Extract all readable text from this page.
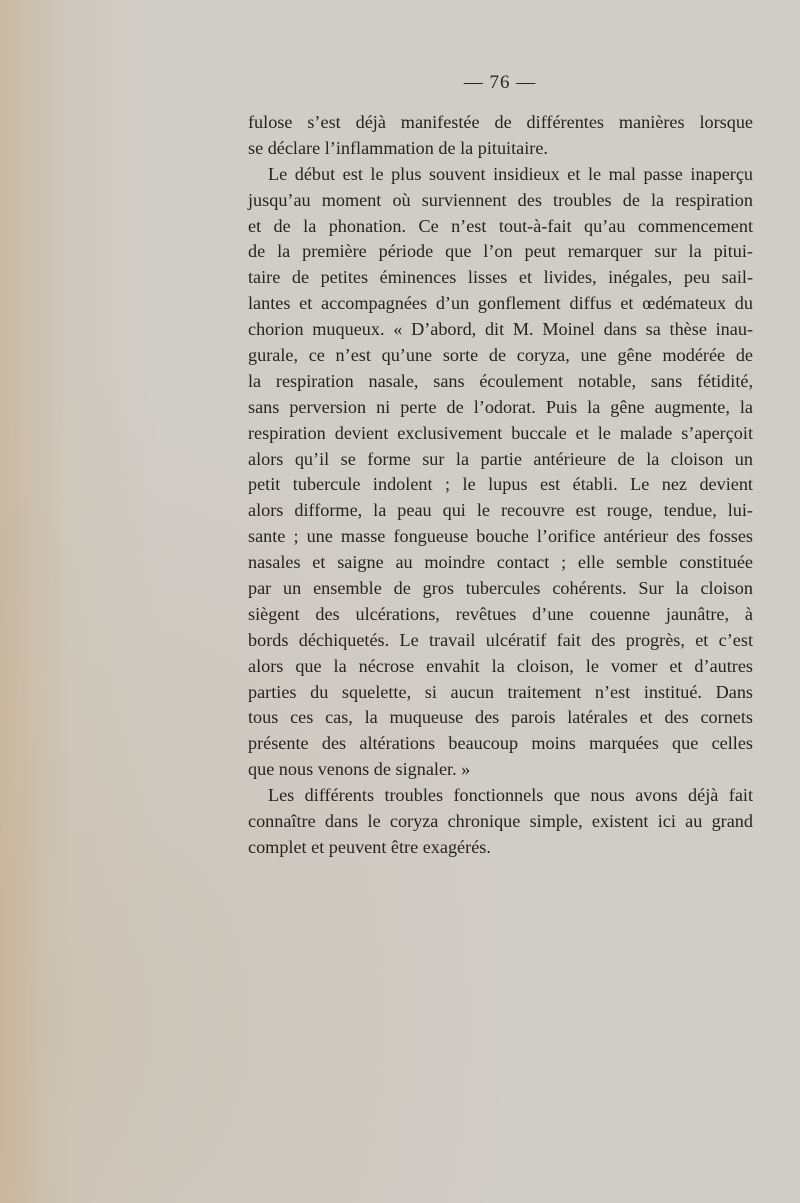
— 76 —
fulose s’est déjà manifestée de différentes manières lorsque
se déclare l’inflammation de la pituitaire.
Le début est le plus souvent insidieux et le mal passe inaperçu
jusqu’au moment où surviennent des troubles de la respiration
et de la phonation. Ce n’est tout-à-fait qu’au commencement
de la première période que l’on peut remarquer sur la pitui-
taire de petites éminences lisses et livides, inégales, peu sail-
lantes et accompagnées d’un gonflement diffus et œdémateux du
chorion muqueux. « D’abord, dit M. Moinel dans sa thèse inau-
gurale, ce n’est qu’une sorte de coryza, une gêne modérée de
la respiration nasale, sans écoulement notable, sans fétidité,
sans perversion ni perte de l’odorat. Puis la gêne augmente, la
respiration devient exclusivement buccale et le malade s’aperçoit
alors qu’il se forme sur la partie antérieure de la cloison un
petit tubercule indolent ; le lupus est établi. Le nez devient
alors difforme, la peau qui le recouvre est rouge, tendue, lui-
sante ; une masse fongueuse bouche l’orifice antérieur des fosses
nasales et saigne au moindre contact ; elle semble constituée
par un ensemble de gros tubercules cohérents. Sur la cloison
siègent des ulcérations, revêtues d’une couenne jaunâtre, à
bords déchiquetés. Le travail ulcératif fait des progrès, et c’est
alors que la nécrose envahit la cloison, le vomer et d’autres
parties du squelette, si aucun traitement n’est institué. Dans
tous ces cas, la muqueuse des parois latérales et des cornets
présente des altérations beaucoup moins marquées que celles
que nous venons de signaler. »
Les différents troubles fonctionnels que nous avons déjà fait
connaître dans le coryza chronique simple, existent ici au grand
complet et peuvent être exagérés.
